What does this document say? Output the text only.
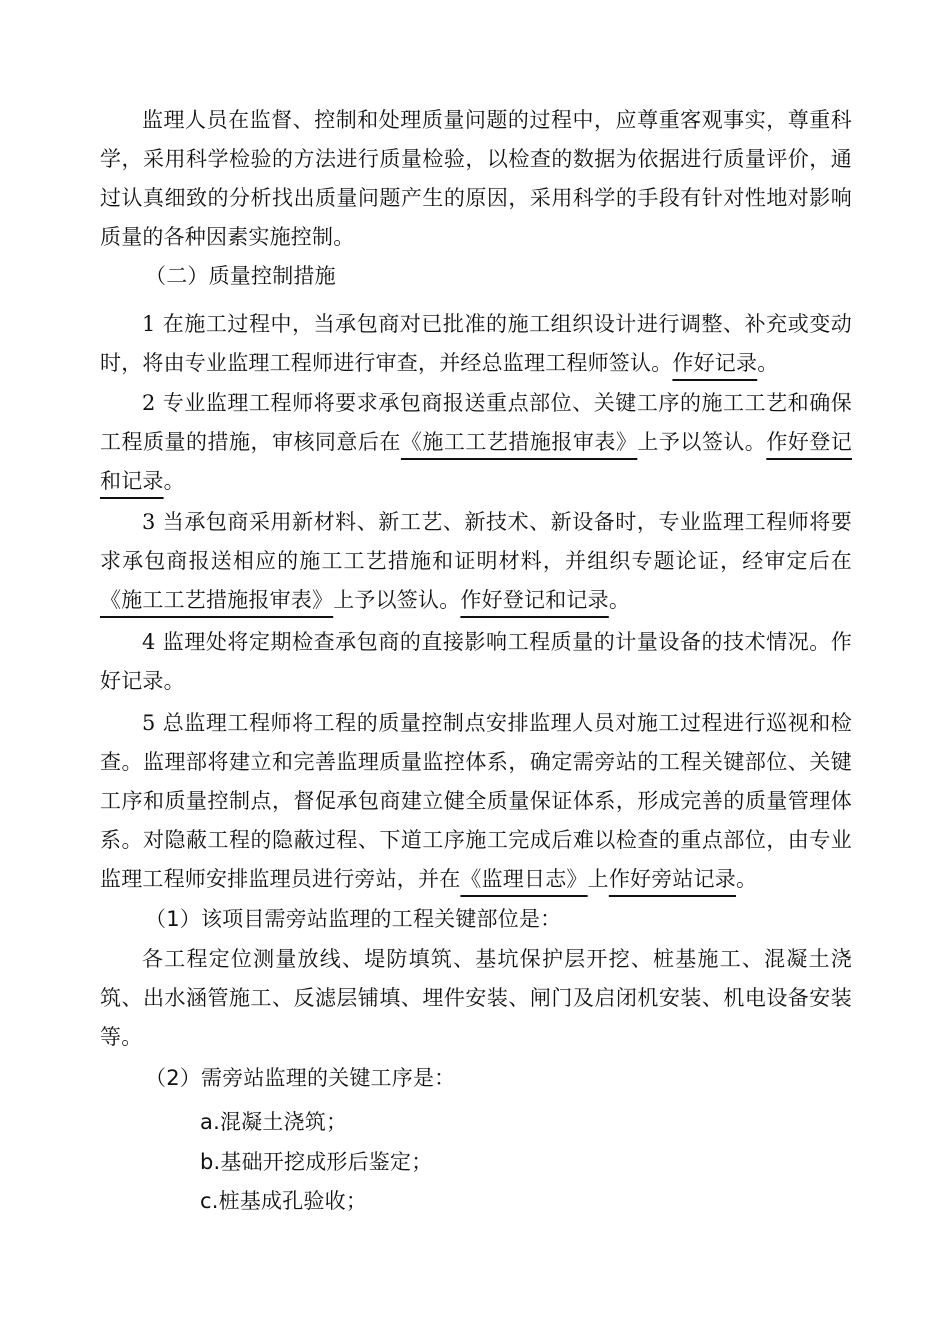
监理人员在监督、控制和处理质量问题的过程中，应尊重客观事实，尊重科学，采用科学检验的方法进行质量检验，以检查的数据为依据进行质量评价，通过认真细致的分析找出质量问题产生的原因，采用科学的手段有针对性地对影响质量的各种因素实施控制。

（二）质量控制措施

1 在施工过程中，当承包商对已批准的施工组织设计进行调整、补充或变动时，将由专业监理工程师进行审查，并经总监理工程师签认。作好记录。

2 专业监理工程师将要求承包商报送重点部位、关键工序的施工工艺和确保工程质量的措施，审核同意后在《施工工艺措施报审表》上予以签认。作好登记和记录。

3 当承包商采用新材料、新工艺、新技术、新设备时，专业监理工程师将要求承包商报送相应的施工工艺措施和证明材料，并组织专题论证，经审定后在《施工工艺措施报审表》上予以签认。作好登记和记录。

4 监理处将定期检查承包商的直接影响工程质量的计量设备的技术情况。作好记录。

5 总监理工程师将工程的质量控制点安排监理人员对施工过程进行巡视和检查。监理部将建立和完善监理质量监控体系，确定需旁站的工程关键部位、关键工序和质量控制点，督促承包商建立健全质量保证体系，形成完善的质量管理体系。对隐蔽工程的隐蔽过程、下道工序施工完成后难以检查的重点部位，由专业监理工程师安排监理员进行旁站，并在《监理日志》上作好旁站记录。

（1）该项目需旁站监理的工程关键部位是：

各工程定位测量放线、堤防填筑、基坑保护层开挖、桩基施工、混凝土浇筑、出水涵管施工、反滤层铺填、埋件安装、闸门及启闭机安装、机电设备安装等。

（2）需旁站监理的关键工序是：

a.混凝土浇筑；

b.基础开挖成形后鉴定；

c.桩基成孔验收；
